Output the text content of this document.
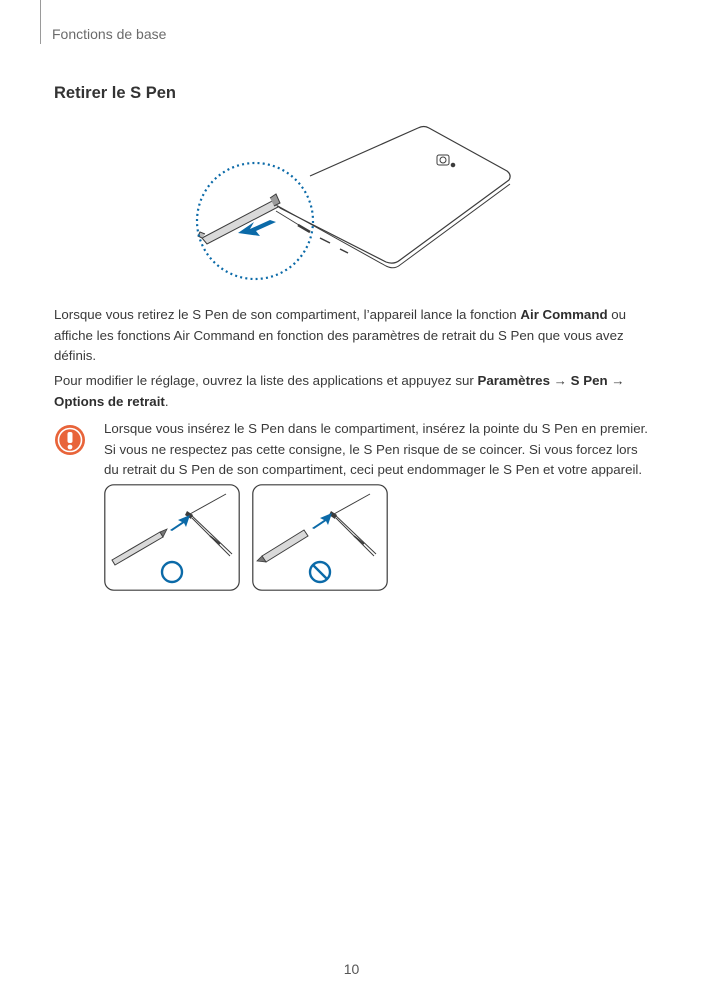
Fonctions de base
Retirer le S Pen

Lorsque vous retirez le S Pen de son compartiment, l’appareil lance la fonction Air Command ou affiche les fonctions Air Command en fonction des paramètres de retrait du S Pen que vous avez définis.

Pour modifier le réglage, ouvrez la liste des applications et appuyez sur Paramètres → S Pen → Options de retrait.

Lorsque vous insérez le S Pen dans le compartiment, insérez la pointe du S Pen en premier. Si vous ne respectez pas cette consigne, le S Pen risque de se coincer. Si vous forcez lors du retrait du S Pen de son compartiment, ceci peut endommager le S Pen et votre appareil.

10
